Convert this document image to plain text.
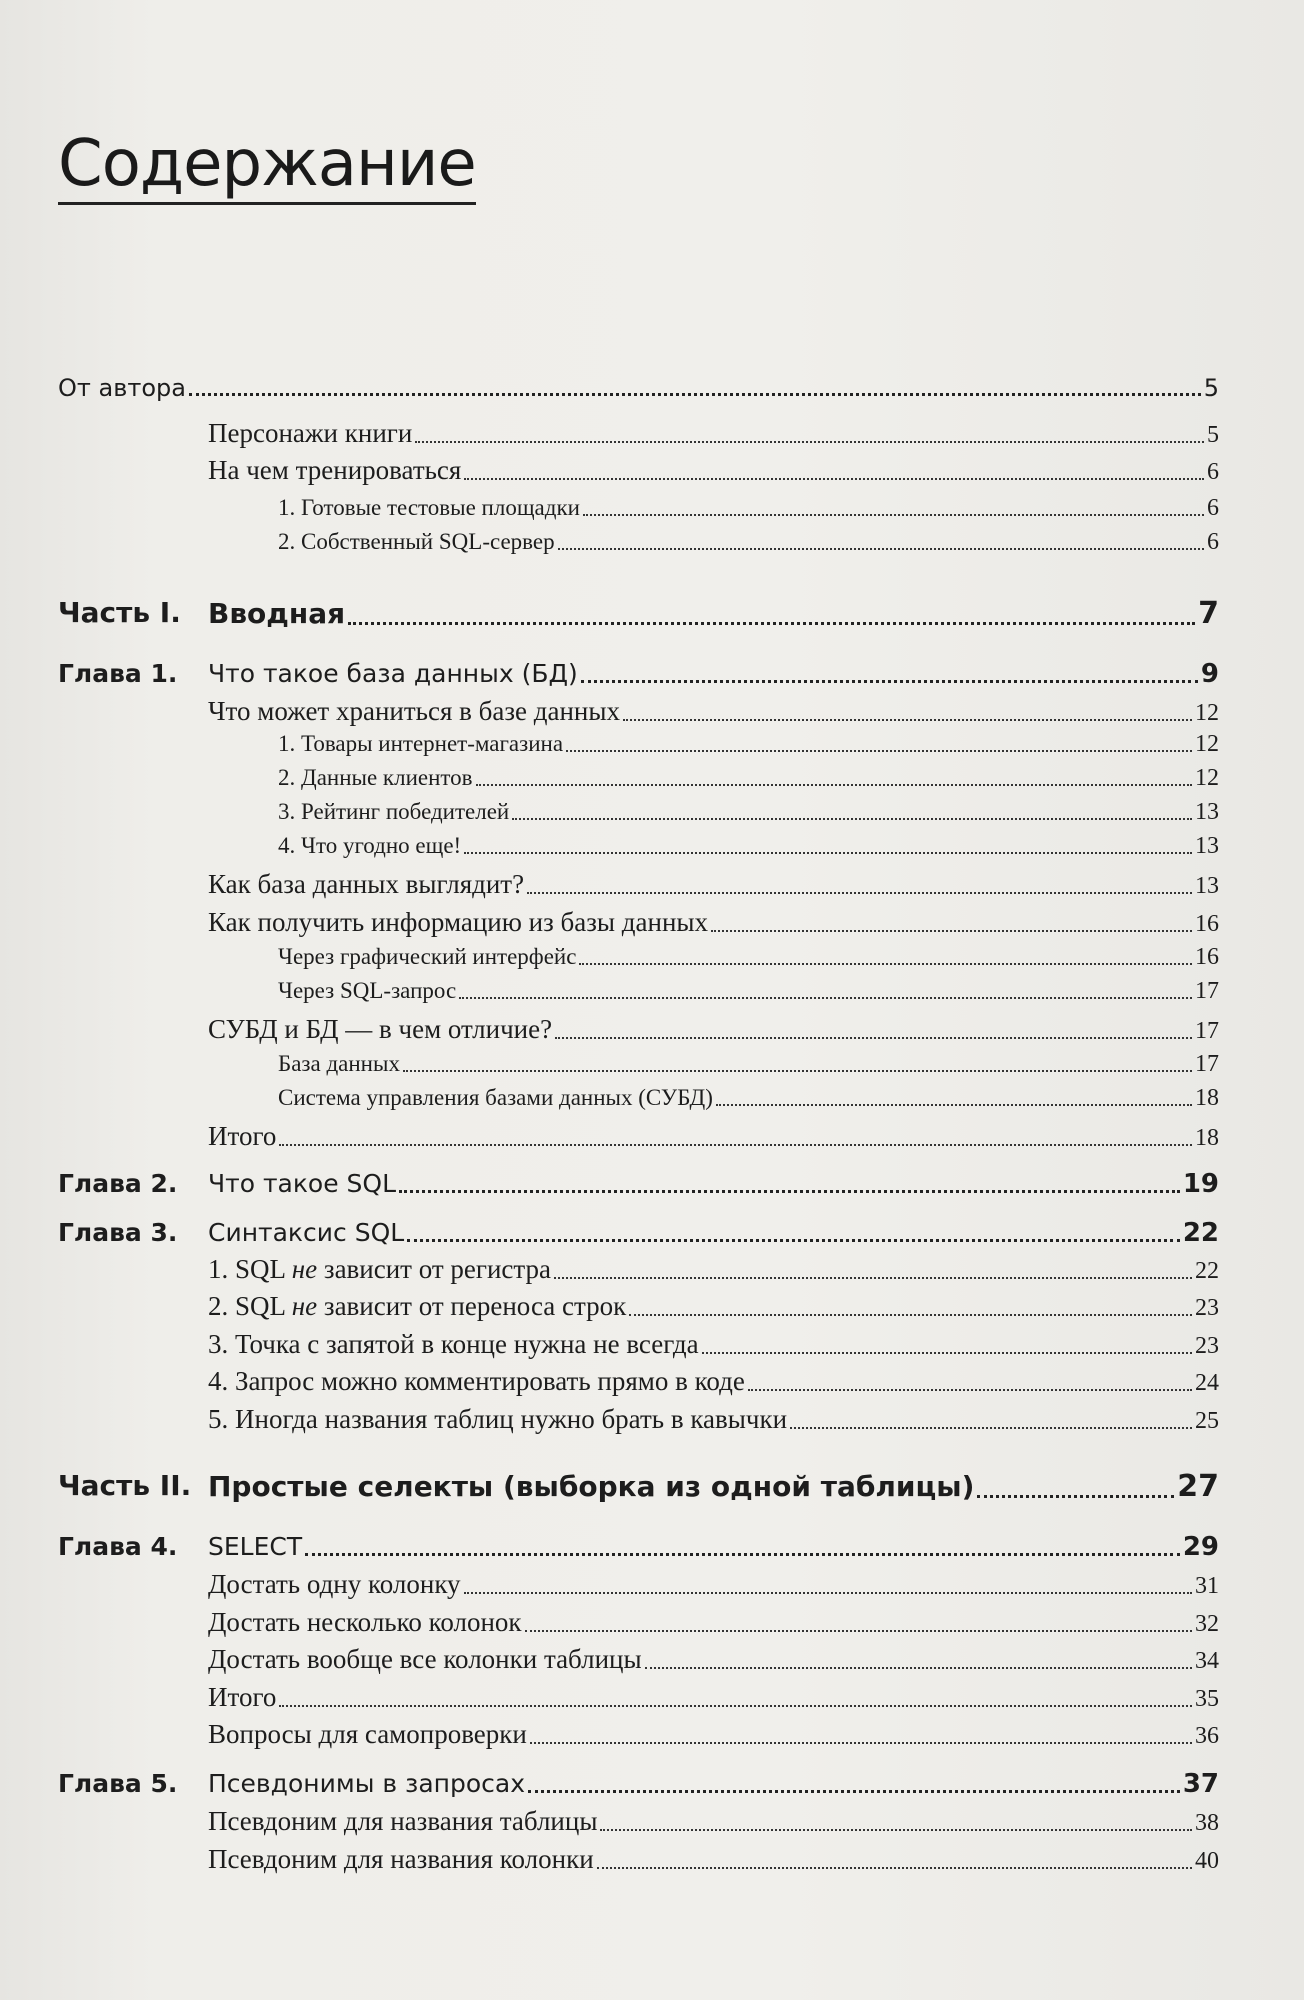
Содержание
От автора	5
Персонажи книги	5
На чем тренироваться	6
1. Готовые тестовые площадки	6
2. Собственный SQL-сервер	6
Часть I. Вводная	7
Глава 1. Что такое база данных (БД)	9
Что может храниться в базе данных	12
1. Товары интернет-магазина	12
2. Данные клиентов	12
3. Рейтинг победителей	13
4. Что угодно еще!	13
Как база данных выглядит?	13
Как получить информацию из базы данных	16
Через графический интерфейс	16
Через SQL-запрос	17
СУБД и БД — в чем отличие?	17
База данных	17
Система управления базами данных (СУБД)	18
Итого	18
Глава 2. Что такое SQL	19
Глава 3. Синтаксис SQL	22
1. SQL не зависит от регистра	22
2. SQL не зависит от переноса строк	23
3. Точка с запятой в конце нужна не всегда	23
4. Запрос можно комментировать прямо в коде	24
5. Иногда названия таблиц нужно брать в кавычки	25
Часть II. Простые селекты (выборка из одной таблицы)	27
Глава 4. SELECT	29
Достать одну колонку	31
Достать несколько колонок	32
Достать вообще все колонки таблицы	34
Итого	35
Вопросы для самопроверки	36
Глава 5. Псевдонимы в запросах	37
Псевдоним для названия таблицы	38
Псевдоним для названия колонки	40
